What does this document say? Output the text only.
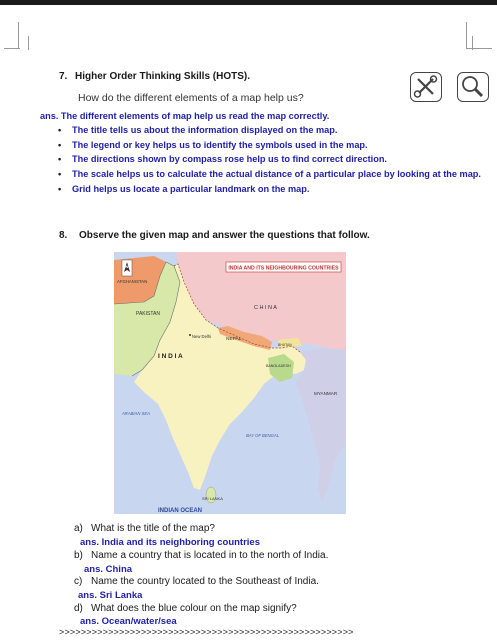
7. Higher Order Thinking Skills (HOTS).
How do the different elements of a map help us?
ans. The different elements of map help us read the map correctly.
• The title tells us about the information displayed on the map.
• The legend or key helps us to identify the symbols used in the map.
• The directions shown by compass rose help us to find correct direction.
• The scale helps us to calculate the actual distance of a particular place by looking at the map.
• Grid helps us locate a particular landmark on the map.
8. Observe the given map and answer the questions that follow.
INDIA AND ITS NEIGHBOURING COUNTRIES
N
AFGHANISTAN
PAKISTAN
C H I N A
New Delhi
NEPAL
BHUTAN
I N D I A
BANGLADESH
MYANMAR
ARABIAN SEA
BAY OF BENGAL
SRI LANKA
INDIAN OCEAN
a) What is the title of the map?
ans. India and its neighboring countries
b) Name a country that is located in to the north of India.
ans. China
c) Name the country located to the Southeast of India.
ans. Sri Lanka
d) What does the blue colour on the map signify?
ans. Ocean/water/sea
>>>>>>>>>>>>>>>>>>>>>>>>>>>>>>>>>>>>>>>>>>>>>>>>>>>>>>
